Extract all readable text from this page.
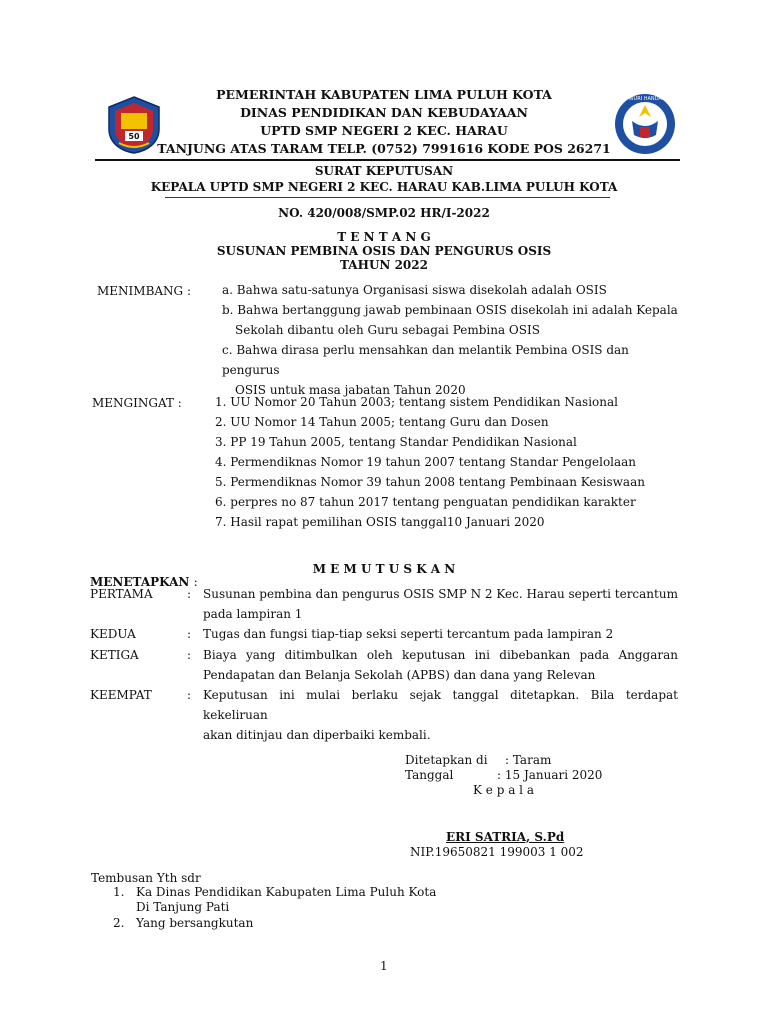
50
TUT WURI HANDAYANI
PEMERINTAH KABUPATEN LIMA PULUH KOTA
DINAS PENDIDIKAN DAN KEBUDAYAAN
UPTD SMP NEGERI 2 KEC. HARAU
TANJUNG ATAS TARAM TELP. (0752) 7991616 KODE POS 26271
SURAT KEPUTUSAN
KEPALA UPTD SMP NEGERI 2 KEC. HARAU KAB.LIMA PULUH KOTA
NO. 420/008/SMP.02 HR/I-2022
T E N T A N G
SUSUNAN PEMBINA OSIS DAN PENGURUS OSIS
TAHUN 2022
MENIMBANG :	a. Bahwa satu-satunya Organisasi siswa disekolah adalah OSIS
b. Bahwa bertanggung jawab pembinaan OSIS disekolah ini adalah Kepala
Sekolah dibantu oleh Guru sebagai Pembina OSIS
c. Bahwa dirasa perlu mensahkan dan melantik Pembina OSIS dan pengurus
OSIS untuk masa jabatan Tahun 2020
MENGINGAT :	1. UU Nomor 20 Tahun 2003; tentang sistem Pendidikan Nasional
2. UU Nomor 14 Tahun 2005; tentang Guru dan Dosen
3. PP 19 Tahun 2005, tentang Standar Pendidikan Nasional
4. Permendiknas Nomor 19 tahun 2007 tentang Standar Pengelolaan
5. Permendiknas Nomor 39 tahun 2008 tentang Pembinaan Kesiswaan
6. perpres no 87 tahun 2017 tentang penguatan pendidikan karakter
7. Hasil rapat pemilihan OSIS tanggal10 Januari 2020
M E M U T U S K A N
MENETAPKAN :
PERTAMA	: Susunan pembina dan pengurus OSIS SMP N 2 Kec. Harau seperti tercantum
pada lampiran 1
KEDUA	: Tugas dan fungsi tiap-tiap seksi seperti tercantum pada lampiran 2
KETIGA	: Biaya yang ditimbulkan oleh keputusan ini dibebankan pada Anggaran
Pendapatan dan Belanja Sekolah (APBS) dan dana yang Relevan
KEEMPAT	: Keputusan ini mulai berlaku sejak tanggal ditetapkan. Bila terdapat kekeliruan
akan ditinjau dan diperbaiki kembali.
Ditetapkan di : Taram
Tanggal	: 15 Januari 2020
K e p a l a
ERI SATRIA, S.Pd
NIP.19650821 199003 1 002
Tembusan Yth sdr
1. Ka Dinas Pendidikan Kabupaten Lima Puluh Kota
Di Tanjung Pati
2. Yang bersangkutan
1
